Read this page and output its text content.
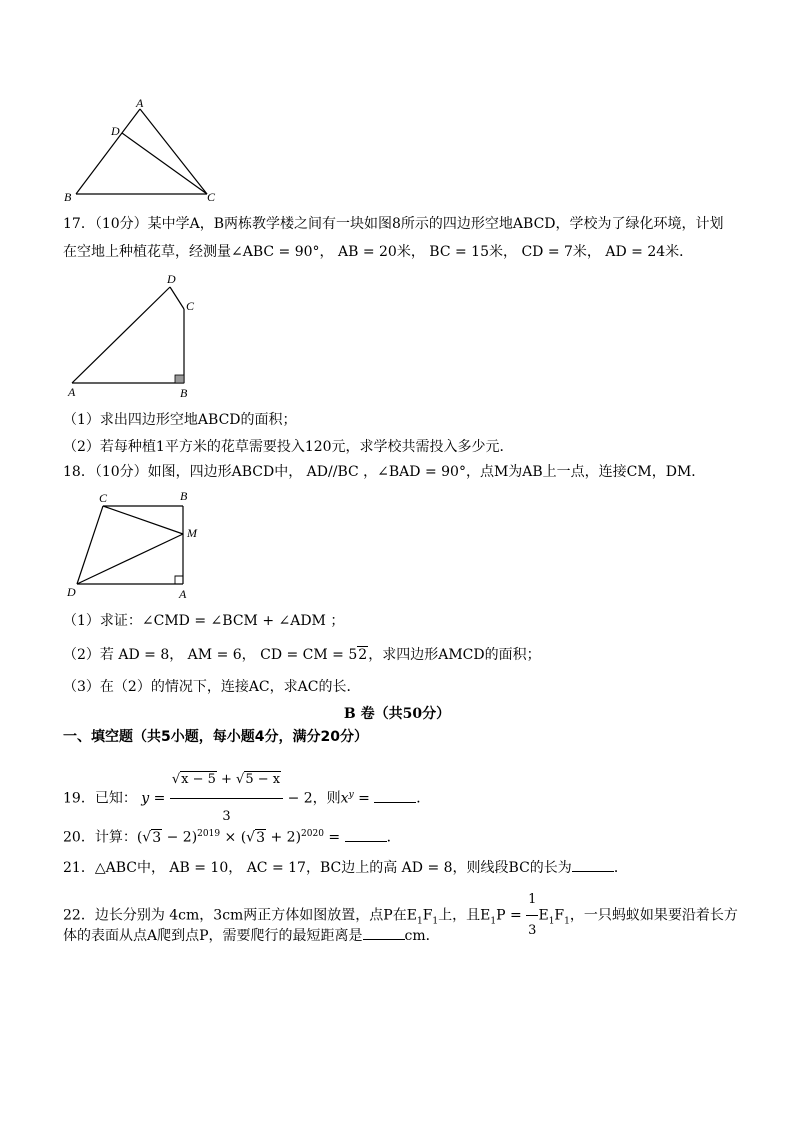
A
D
B	C
17．（10分）某中学A，B两栋教学楼之间有一块如图8所示的四边形空地ABCD，学校为了绿化环境，计划
在空地上种植花草，经测量∠ABC = 90°， AB = 20米， BC = 15米， CD = 7米， AD = 24米．
D
C
A	B
（1）求出四边形空地ABCD的面积；
（2）若每种植1平方米的花草需要投入120元，求学校共需投入多少元．
18．（10分）如图，四边形ABCD中， AD//BC ，∠BAD = 90°，点M为AB上一点，连接CM，DM．
C	B
M
D	A
（1）求证：∠CMD = ∠BCM + ∠ADM ；
（2）若 AD = 8， AM = 6， CD = CM = 52，求四边形AMCD的面积；
（3）在（2）的情况下，连接AC，求AC的长．
B 卷（共50分）
一、填空题（共5小题，每小题4分，满分20分）
19．已知： $y = \frac{√x - 5 + √5 - x}{3} - 2$，则$x^y$ =	．
20．计算：$(√3 - 2)^{2019} \times (√3 + 2)^{2020}$ =	．
21．△ABC中， AB = 10， AC = 17，BC边上的高 AD = 8，则线段BC的长为	．
22．边长分别为 4cm，3cm两正方体如图放置，点P在$E_1F_1$上，且$E_1P = \frac{1}{3} E_1F_1$，一只蚂蚁如果要沿着长方
体的表面从点A爬到点P，需要爬行的最短距离是	cm．
